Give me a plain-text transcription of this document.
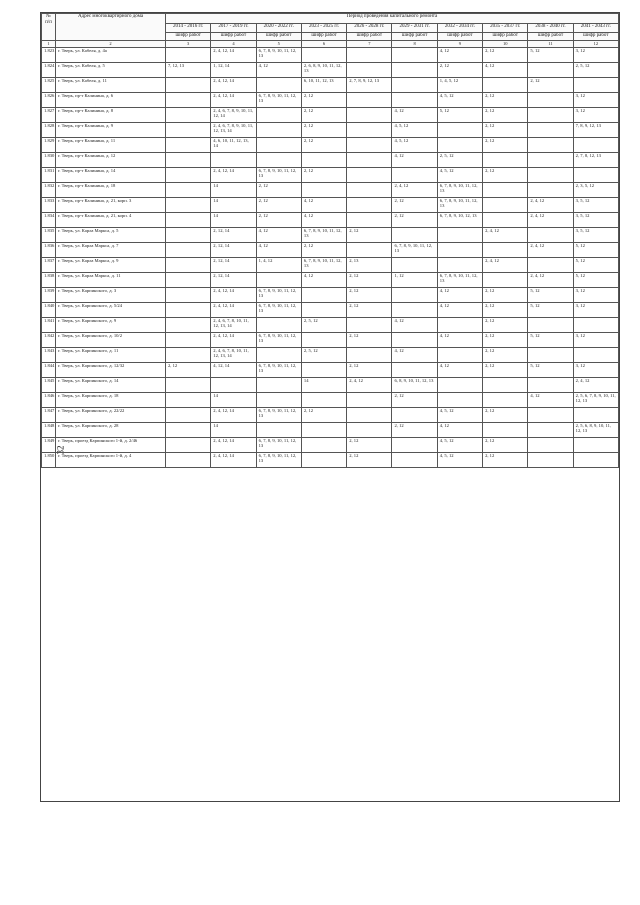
32
№ п/п	Адрес многоквартирного дома	Период проведения капитального ремонта									
		2014 - 2016 гг.	2017 - 2019 гг.	2020 - 2022 гг.	2023 - 2025 гг.	2026 - 2028 гг.	2029 - 2031 гг.	2032 - 2034 гг.	2035 - 2037 гг.	2038 - 2040 гг.	2041 - 2043 гг.
		шифр работ	шифр работ	шифр работ	шифр работ	шифр работ	шифр работ	шифр работ	шифр работ	шифр работ	шифр работ
1	2	3	4	5	6	7	8	9	10	11	12
1.823	г. Тверь, ул. Кабеля, д. 4а		2, 4, 12, 14	6, 7, 8, 9, 10, 11, 12, 13				4, 12	2, 12	5, 12	3, 12
1.824	г. Тверь, ул. Кабеля, д. 5	7, 12, 13	1, 12, 14	4, 12	2, 6, 8, 9, 10, 11, 12, 13			2, 12	4, 12		2, 5, 12
1.825	г. Тверь, ул. Кабеля, д. 11		2, 4, 12, 14		6, 10, 11, 12, 13	2, 7, 8, 9, 12, 13		1, 4, 5, 12		2, 12	
1.826	г. Тверь, пр-т Калинина, д. 6		2, 4, 12, 14	6, 7, 8, 9, 10, 11, 12, 13	2, 12			4, 5, 12	2, 12		3, 12
1.827	г. Тверь, пр-т Калинина, д. 8		2, 4, 6, 7, 8, 9, 10, 11, 12, 14		2, 12		4, 12	5, 12	2, 12		3, 12
1.828	г. Тверь, пр-т Калинина, д. 9		2, 4, 6, 7, 8, 9, 10, 11, 12, 13, 14		2, 12		4, 5, 12		2, 12		7, 8, 9, 12, 13
1.829	г. Тверь, пр-т Калинина, д. 11		4, 6, 10, 11, 12, 13, 14		2, 12		4, 5, 12		2, 12		
1.830	г. Тверь, пр-т Калинина, д. 12						4, 12	2, 5, 12			2, 7, 8, 12, 13
1.831	г. Тверь, пр-т Калинина, д. 14		2, 4, 12, 14	6, 7, 8, 9, 10, 11, 12, 13	2, 12			4, 5, 12	2, 12		
1.832	г. Тверь, пр-т Калинина, д. 18		14	2, 12			2, 4, 12	6, 7, 8, 9, 10, 11, 12, 13			2, 3, 5, 12
1.833	г. Тверь, пр-т Калинина, д. 21, корп. 3		14	2, 12	4, 12		2, 12	6, 7, 8, 9, 10, 11, 12, 13		2, 4, 12	3, 5, 12
1.834	г. Тверь, пр-т Калинина, д. 21, корп. 4		14	2, 12	4, 12		2, 12	6, 7, 8, 9, 10, 12, 13		2, 4, 12	3, 5, 12
1.835	г. Тверь, ул. Карла Маркса, д. 5		2, 12, 14	4, 12	6, 7, 8, 9, 10, 11, 12, 13	2, 12			2, 4, 12		3, 5, 12
1.836	г. Тверь, ул. Карла Маркса, д. 7		2, 12, 14	4, 12	2, 12		6, 7, 8, 9, 10, 11, 12, 13			2, 4, 12	5, 12
1.837	г. Тверь, ул. Карла Маркса, д. 9		2, 12, 14	1, 4, 12	6, 7, 8, 9, 10, 11, 12, 13	2, 13			2, 4, 12		5, 12
1.838	г. Тверь, ул. Карла Маркса, д. 11		2, 12, 14		4, 12	2, 12	1, 12	6, 7, 8, 9, 10, 11, 12, 13		2, 4, 12	5, 12
1.839	г. Тверь, ул. Карпинского, д. 3		2, 4, 12, 14	6, 7, 8, 9, 10, 11, 12, 13		2, 12		4, 12	2, 12	5, 12	3, 12
1.840	г. Тверь, ул. Карпинского, д. 5/24		2, 4, 12, 14	6, 7, 8, 9, 10, 11, 12, 13		2, 12		4, 12	2, 12	5, 12	3, 12
1.841	г. Тверь, ул. Карпинского, д. 9		2, 4, 6, 7, 8, 10, 11, 12, 13, 14		2, 5, 12		4, 12		2, 12		
1.842	г. Тверь, ул. Карпинского, д. 10/2		2, 4, 12, 14	6, 7, 8, 9, 10, 11, 12, 13		2, 12		4, 12	2, 12	5, 12	3, 12
1.843	г. Тверь, ул. Карпинского, д. 11		2, 4, 6, 7, 8, 10, 11, 12, 13, 14		2, 5, 12		4, 12		2, 12		
1.844	г. Тверь, ул. Карпинского, д. 12/32	2, 12	4, 12, 14	6, 7, 8, 9, 10, 11, 12, 13		2, 12		4, 12	2, 12	5, 12	3, 12
1.845	г. Тверь, ул. Карпинского, д. 14				14	2, 4, 12	6, 8, 9, 10, 11, 12, 13				2, 4, 12
1.846	г. Тверь, ул. Карпинского, д. 18		14				2, 12			4, 12	2, 5, 6, 7, 8, 9, 10, 11, 12, 13
1.847	г. Тверь, ул. Карпинского, д. 22/22		2, 4, 12, 14	6, 7, 8, 9, 10, 11, 12, 13	2, 12			4, 5, 12	2, 12		
1.848	г. Тверь, ул. Карпинского, д. 28		14				2, 12	4, 12			2, 5, 6, 8, 9, 10, 11, 12, 13
1.849	г. Тверь, проезд Карпинского 1-й, д. 2/46		2, 4, 12, 14	6, 7, 8, 9, 10, 11, 12, 13		2, 12		4, 5, 12	2, 12		
1.850	г. Тверь, проезд Карпинского 1-й, д. 4		2, 4, 12, 14	6, 7, 8, 9, 10, 11, 12, 13		2, 12		4, 5, 12	2, 12		
